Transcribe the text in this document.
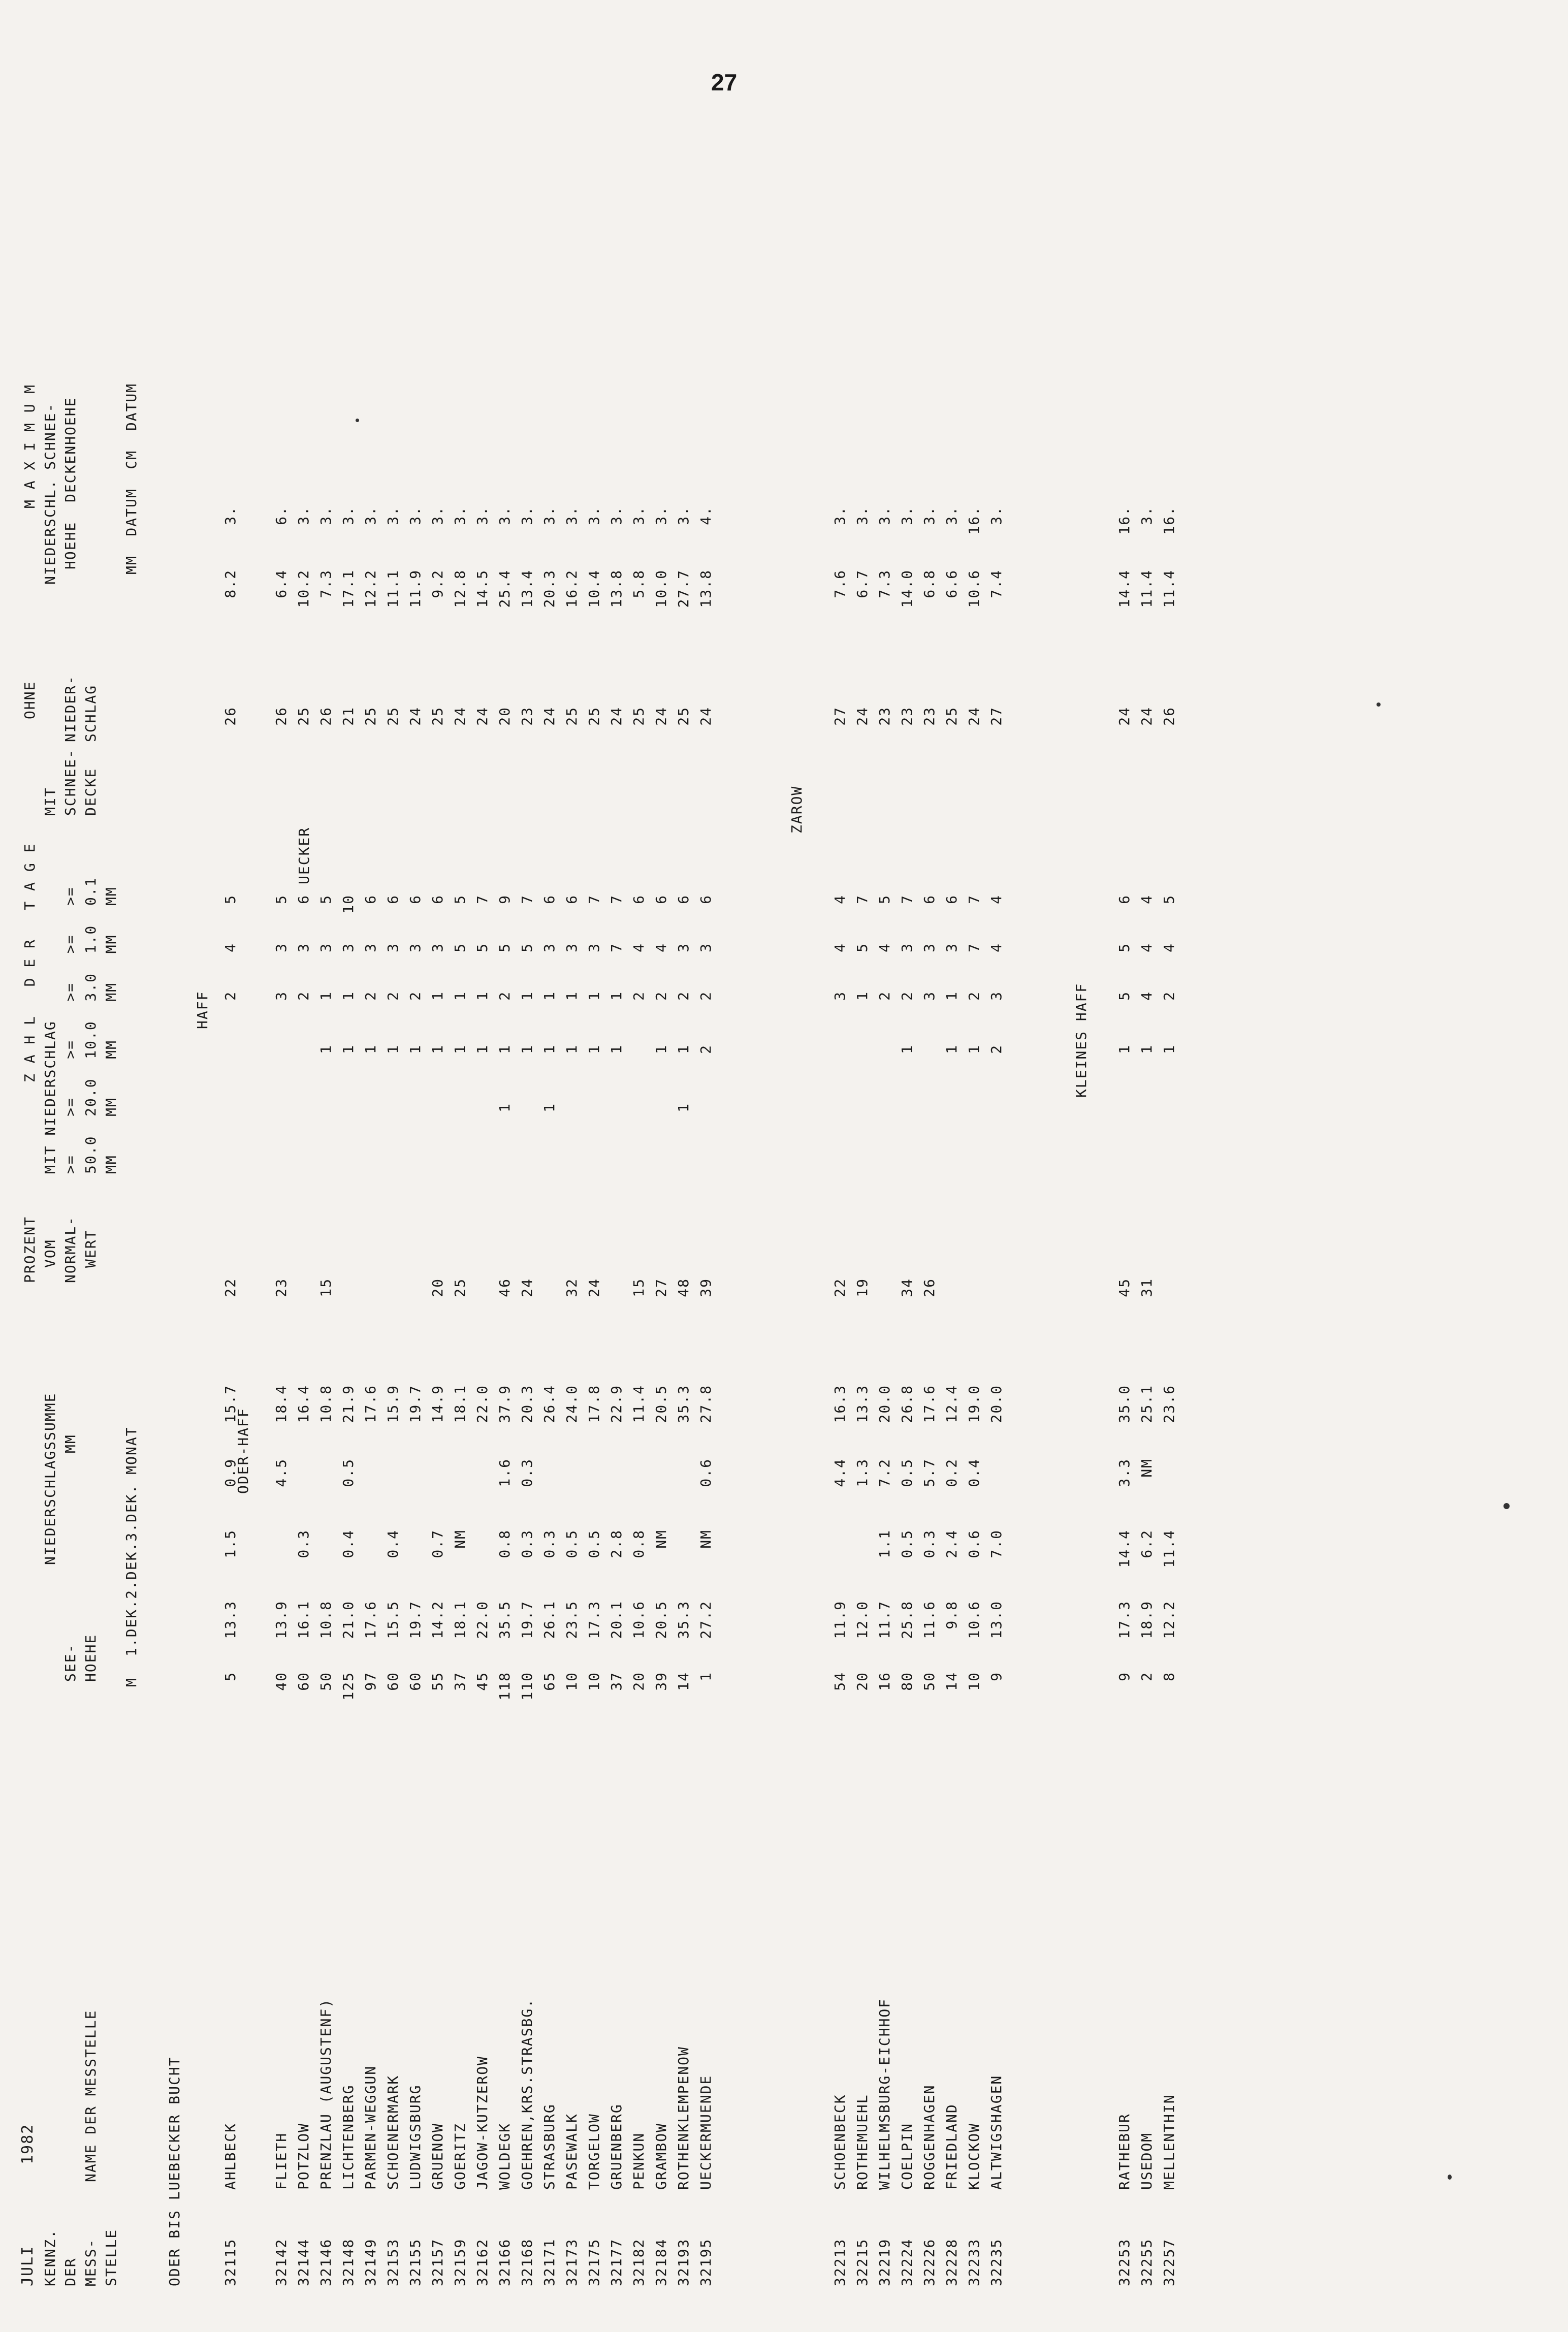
27
JULI
1982
KENNZ. DER MESS- STELLE
NAME DER MESSTELLE
SEE- HOEHE
M
NIEDERSCHLAGSSUMME MM	1.DEK.2.DEK.3.DEK. MONAT
PROZENT VOM NORMAL- WERT
Z A H L   D E R   T A G E
MIT NIEDERSCHLAG >=    >=    >=    >=   >=   >= 50.0  20.0  10.0  3.0  1.0  0.1 MM    MM    MM    MM   MM   MM
MIT SCHNEE- DECKE
OHNE NIEDER- SCHLAG
M A X I M U M NIEDERSCHL. SCHNEE- HOEHE  DECKENHOEHE	MM  DATUM  CM  DATUM
ODER BIS LUEBECKER BUCHT
ODER-HAFF
ZAROW
HAFF
UECKER
KLEINES HAFF
32115
AHLBECK
5
13.3
1.5
0.9
15.7
22
2
4
5
26
8.2
3.
32142
FLIETH
40
13.9
4.5
18.4
23
3
3
5
26
6.4
6.
32144
POTZLOW
60
16.1
0.3
16.4
2
3
6
25
10.2
3.
32146
PRENZLAU (AUGUSTENF)
50
10.8
10.8
15
1
1
3
5
26
7.3
3.
32148
LICHTENBERG
125
21.0
0.4
0.5
21.9
1
1
3
10
21
17.1
3.
32149
PARMEN-WEGGUN
97
17.6
17.6
1
2
3
6
25
12.2
3.
32153
SCHOENERMARK
60
15.5
0.4
15.9
1
2
3
6
25
11.1
3.
32155
LUDWIGSBURG
60
19.7
19.7
1
2
3
6
24
11.9
3.
32157
GRUENOW
55
14.2
0.7
14.9
20
1
1
3
6
25
9.2
3.
32159
GOERITZ
37
18.1
NM
18.1
25
1
1
5
5
24
12.8
3.
32162
JAGOW-KUTZEROW
45
22.0
22.0
1
1
5
7
24
14.5
3.
32166
WOLDEGK
118
35.5
0.8
1.6
37.9
46
1
1
2
5
9
20
25.4
3.
32168
GOEHREN,KRS.STRASBG.
110
19.7
0.3
0.3
20.3
24
1
1
5
7
23
13.4
3.
32171
STRASBURG
65
26.1
0.3
26.4
1
1
1
3
6
24
20.3
3.
32173
PASEWALK
10
23.5
0.5
24.0
32
1
1
3
6
25
16.2
3.
32175
TORGELOW
10
17.3
0.5
17.8
24
1
1
3
7
25
10.4
3.
32177
GRUENBERG
37
20.1
2.8
22.9
1
1
7
7
24
13.8
3.
32182
PENKUN
20
10.6
0.8
11.4
15
2
4
6
25
5.8
3.
32184
GRAMBOW
39
20.5
NM
20.5
27
1
2
4
6
24
10.0
3.
32193
ROTHENKLEMPENOW
14
35.3
35.3
48
1
1
2
3
6
25
27.7
3.
32195
UECKERMUENDE
1
27.2
NM
0.6
27.8
39
2
2
3
6
24
13.8
4.
32213
SCHOENBECK
54
11.9
4.4
16.3
22
3
4
4
27
7.6
3.
32215
ROTHEMUEHL
20
12.0
1.3
13.3
19
1
5
7
24
6.7
3.
32219
WILHELMSBURG-EICHHOF
16
11.7
1.1
7.2
20.0
2
4
5
23
7.3
3.
32224
COELPIN
80
25.8
0.5
0.5
26.8
34
1
2
3
7
23
14.0
3.
32226
ROGGENHAGEN
50
11.6
0.3
5.7
17.6
26
3
3
6
23
6.8
3.
32228
FRIEDLAND
14
9.8
2.4
0.2
12.4
1
1
3
6
25
6.6
3.
32233
KLOCKOW
10
10.6
0.6
0.4
19.0
1
2
7
7
24
10.6
16.
32235
ALTWIGSHAGEN
9
13.0
7.0
20.0
2
3
4
4
27
7.4
3.
32253
RATHEBUR
9
17.3
14.4
3.3
35.0
45
1
5
5
6
24
14.4
16.
32255
USEDOM
2
18.9
6.2
NM
25.1
31
1
4
4
4
24
11.4
3.
32257
MELLENTHIN
8
12.2
11.4
23.6
1
2
4
5
26
11.4
16.
